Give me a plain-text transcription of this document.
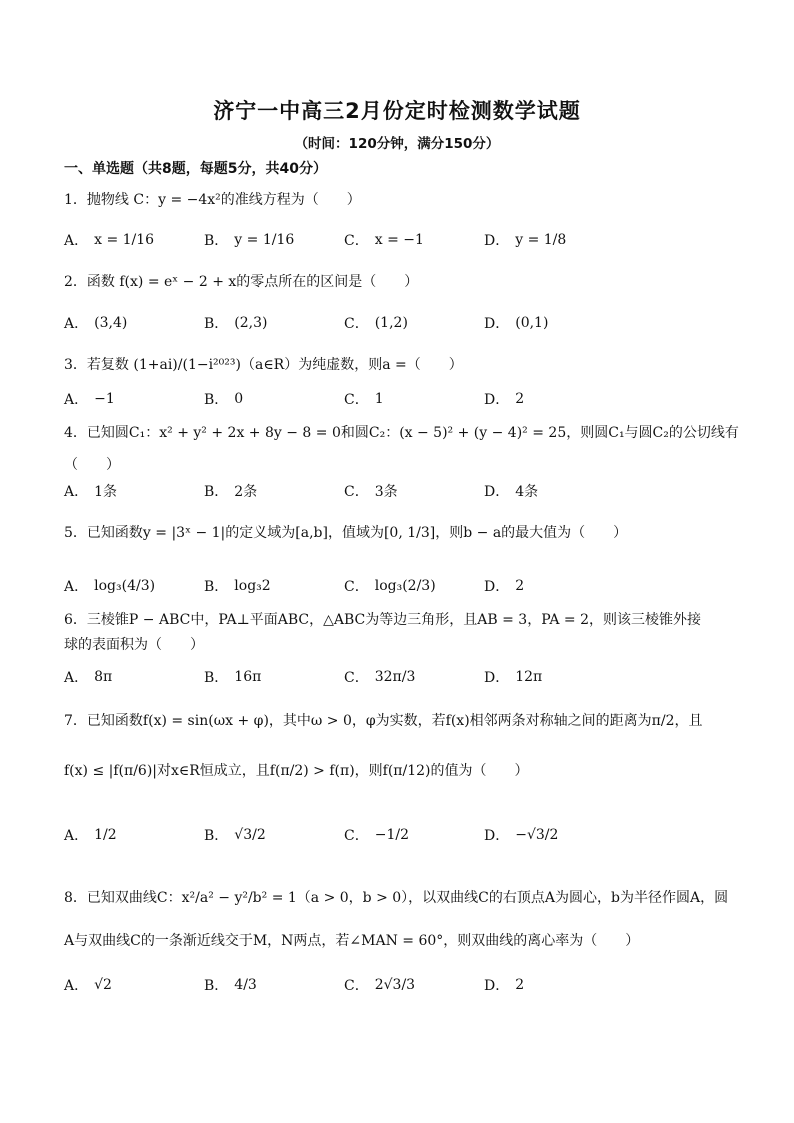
济宁一中高三2月份定时检测数学试题
（时间：120分钟，满分150分）
一、单选题（共8题，每题5分，共40分）
1．抛物线 C：y = −4x²的准线方程为（　　）
A． x = 1/16	B． y = 1/16	C． x = −1	D． y = 1/8
2．函数 f(x) = eˣ − 2 + x的零点所在的区间是（　　）
A． (3,4)	B． (2,3)	C． (1,2)	D． (0,1)
3．若复数 (1+ai)/(1−i²⁰²³)（a∈R）为纯虚数，则a =（　　）
A． −1	B． 0	C． 1	D． 2
4．已知圆C₁：x² + y² + 2x + 8y − 8 = 0和圆C₂：(x − 5)² + (y − 4)² = 25，则圆C₁与圆C₂的公切线有
（　　）
A． 1条	B． 2条	C． 3条	D． 4条
5．已知函数y = |3ˣ − 1|的定义域为[a,b]，值域为[0, 1/3]，则b − a的最大值为（　　）
A． log₃(4/3)	B． log₃2	C． log₃(2/3)	D． 2
6．三棱锥P − ABC中，PA⊥平面ABC，△ABC为等边三角形，且AB = 3，PA = 2，则该三棱锥外接
球的表面积为（　　）
A． 8π	B． 16π	C． 32π/3	D． 12π
7．已知函数f(x) = sin(ωx + φ)，其中ω > 0，φ为实数，若f(x)相邻两条对称轴之间的距离为π/2，且
f(x) ≤ |f(π/6)|对x∈R恒成立，且f(π/2) > f(π)，则f(π/12)的值为（　　）
A． 1/2	B． √3/2	C． −1/2	D． −√3/2
8．已知双曲线C：x²/a² − y²/b² = 1（a > 0，b > 0），以双曲线C的右顶点A为圆心，b为半径作圆A，圆
A与双曲线C的一条渐近线交于M，N两点，若∠MAN = 60°，则双曲线的离心率为（　　）
A． √2	B． 4/3	C． 2√3/3	D． 2
